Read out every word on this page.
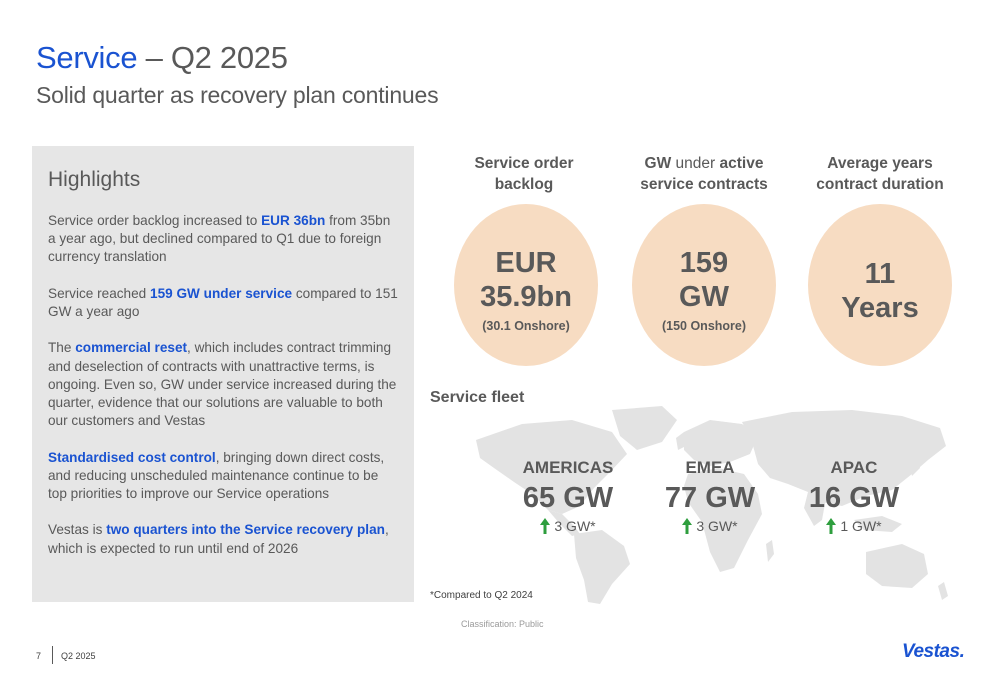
Service – Q2 2025
Solid quarter as recovery plan continues
Highlights

Service order backlog increased to EUR 36bn from 35bn a year ago, but declined compared to Q1 due to foreign currency translation

Service reached 159 GW under service compared to 151 GW a year ago

The commercial reset, which includes contract trimming and deselection of contracts with unattractive terms, is ongoing. Even so, GW under service increased during the quarter, evidence that our solutions are valuable to both our customers and Vestas

Standardised cost control, bringing down direct costs, and reducing unscheduled maintenance continue to be top priorities to improve our Service operations

Vestas is two quarters into the Service recovery plan, which is expected to run until end of 2026

Service order
backlog
GW under active
service contracts
Average years
contract duration
EUR
35.9bn
(30.1 Onshore)
159
GW
(150 Onshore)
11
Years
Service fleet
AMERICAS
65 GW
3 GW*
EMEA
77 GW
3 GW*
APAC
16 GW
1 GW*
*Compared to Q2 2024
Classification: Public
7 Q2 2025	Vestas.
